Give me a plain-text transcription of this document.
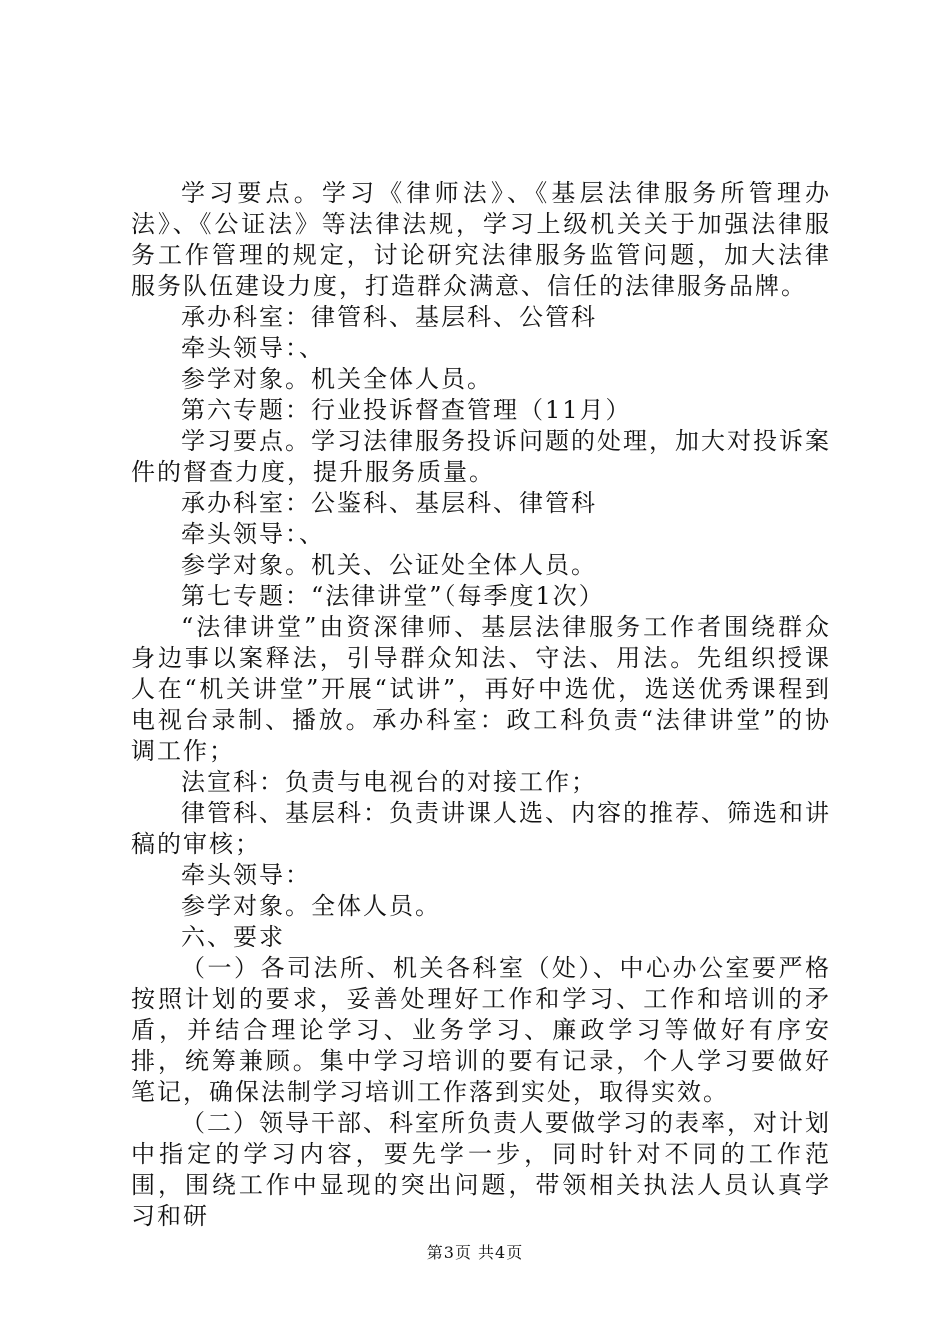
学习要点。学习《律师法》、《基层法律服务所管理办法》、《公证法》等法律法规，学习上级机关关于加强法律服务工作管理的规定，讨论研究法律服务监管问题，加大法律服务队伍建设力度，打造群众满意、信任的法律服务品牌。

承办科室：律管科、基层科、公管科

牵头领导：、

参学对象。机关全体人员。

第六专题：行业投诉督查管理（11月）

学习要点。学习法律服务投诉问题的处理，加大对投诉案件的督查力度，提升服务质量。

承办科室：公鉴科、基层科、律管科

牵头领导：、

参学对象。机关、公证处全体人员。

第七专题：“法律讲堂”（每季度1次）

“法律讲堂”由资深律师、基层法律服务工作者围绕群众身边事以案释法，引导群众知法、守法、用法。先组织授课人在“机关讲堂”开展“试讲”，再好中选优，选送优秀课程到电视台录制、播放。承办科室：政工科负责“法律讲堂”的协调工作；

法宣科：负责与电视台的对接工作；

律管科、基层科：负责讲课人选、内容的推荐、筛选和讲稿的审核；

牵头领导：

参学对象。全体人员。

六、要求

（一）各司法所、机关各科室（处）、中心办公室要严格按照计划的要求，妥善处理好工作和学习、工作和培训的矛盾，并结合理论学习、业务学习、廉政学习等做好有序安排，统筹兼顾。集中学习培训的要有记录，个人学习要做好笔记，确保法制学习培训工作落到实处，取得实效。

（二）领导干部、科室所负责人要做学习的表率，对计划中指定的学习内容，要先学一步，同时针对不同的工作范围，围绕工作中显现的突出问题，带领相关执法人员认真学习和研

第3页 共4页
